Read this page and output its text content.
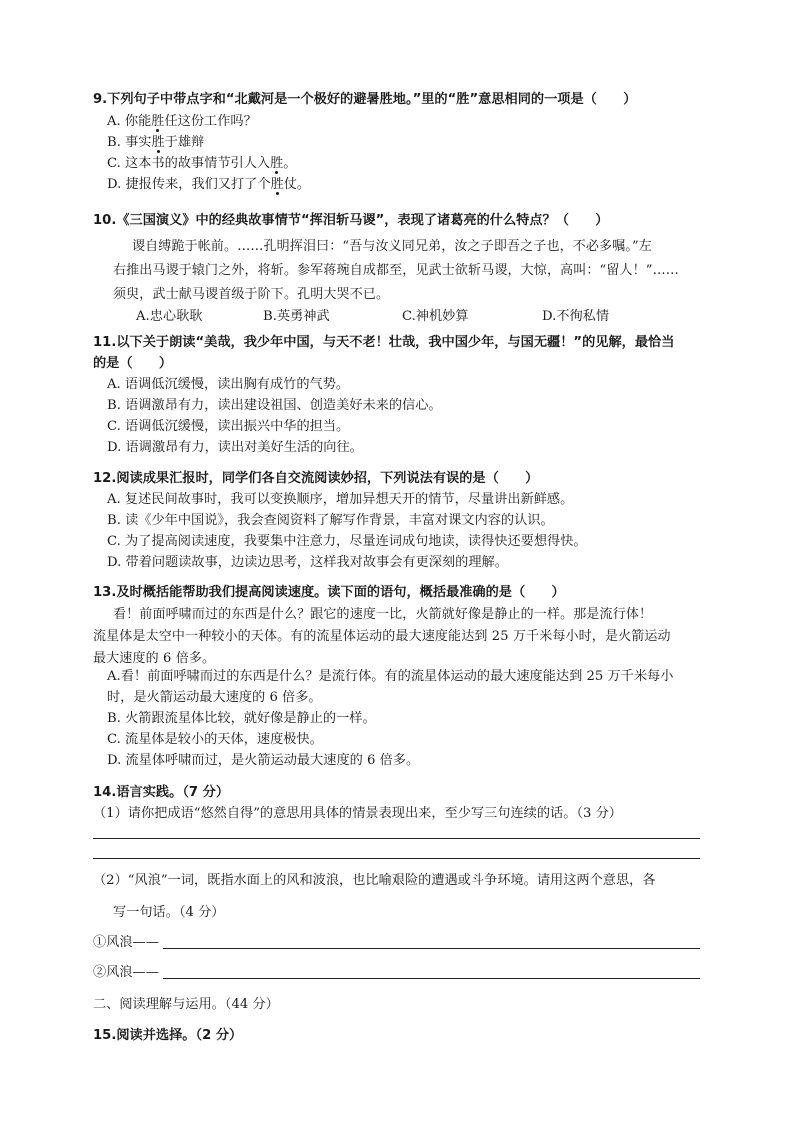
9.下列句子中带点字和“北戴河是一个极好的避暑胜地。”里的“胜”意思相同的一项是（　　）
A. 你能胜任这份工作吗？
B. 事实胜于雄辩
C. 这本书的故事情节引人入胜。
D. 捷报传来，我们又打了个胜仗。
10.《三国演义》中的经典故事情节“挥泪斩马谡”，表现了诸葛亮的什么特点？（　　）
谡自缚跪于帐前。……孔明挥泪曰：“吾与汝义同兄弟，汝之子即吾之子也，不必多嘱。”左
右推出马谡于辕门之外，将斩。参军蒋琬自成都至，见武士欲斩马谡，大惊，高叫：“留人！”……
须臾，武士献马谡首级于阶下。孔明大哭不已。
A.忠心耿耿	B.英勇神武	C.神机妙算	D.不徇私情
11.以下关于朗读“美哉，我少年中国，与天不老！壮哉，我中国少年，与国无疆！”的见解，最恰当
的是（　　）
A. 语调低沉缓慢，读出胸有成竹的气势。
B. 语调激昂有力，读出建设祖国、创造美好未来的信心。
C. 语调低沉缓慢，读出振兴中华的担当。
D. 语调激昂有力，读出对美好生活的向往。
12.阅读成果汇报时，同学们各自交流阅读妙招，下列说法有误的是（　　）
A. 复述民间故事时，我可以变换顺序，增加异想天开的情节，尽量讲出新鲜感。
B. 读《少年中国说》，我会查阅资料了解写作背景，丰富对课文内容的认识。
C. 为了提高阅读速度，我要集中注意力，尽量连词成句地读，读得快还要想得快。
D. 带着问题读故事，边读边思考，这样我对故事会有更深刻的理解。
13.及时概括能帮助我们提高阅读速度。读下面的语句，概括最准确的是（　　）
看！前面呼啸而过的东西是什么？跟它的速度一比，火箭就好像是静止的一样。那是流行体！
流星体是太空中一种较小的天体。有的流星体运动的最大速度能达到 25 万千米每小时，是火箭运动
最大速度的 6 倍多。
A.看！前面呼啸而过的东西是什么？是流行体。有的流星体运动的最大速度能达到 25 万千米每小
时，是火箭运动最大速度的 6 倍多。
B. 火箭跟流星体比较，就好像是静止的一样。
C. 流星体是较小的天体，速度极快。
D. 流星体呼啸而过，是火箭运动最大速度的 6 倍多。
14.语言实践。（7 分）
（1）请你把成语“悠然自得”的意思用具体的情景表现出来，至少写三句连续的话。（3 分）
（2）“风浪”一词，既指水面上的风和波浪，也比喻艰险的遭遇或斗争环境。请用这两个意思，各
写一句话。（4 分）
①风浪——
②风浪——
二、阅读理解与运用。（44 分）
15.阅读并选择。（2 分）
